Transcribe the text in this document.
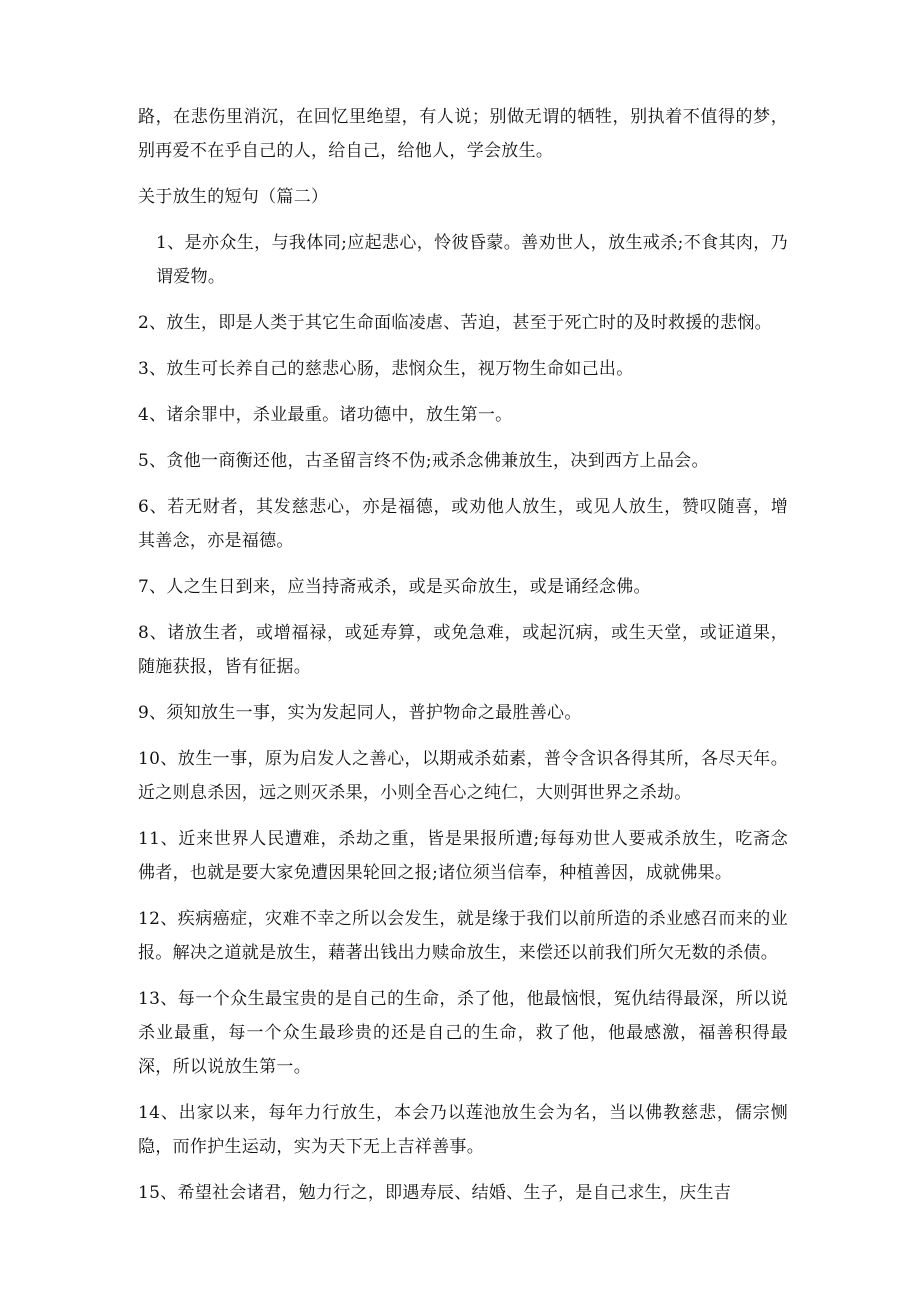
路，在悲伤里消沉，在回忆里绝望，有人说；别做无谓的牺牲，别执着不值得的梦，别再爱不在乎自己的人，给自己，给他人，学会放生。

关于放生的短句（篇二）

1、是亦众生，与我体同;应起悲心，怜彼昏蒙。善劝世人，放生戒杀;不食其肉，乃谓爱物。

2、放生，即是人类于其它生命面临凌虐、苦迫，甚至于死亡时的及时救援的悲悯。

3、放生可长养自己的慈悲心肠，悲悯众生，视万物生命如己出。

4、诸余罪中，杀业最重。诸功德中，放生第一。

5、贪他一商衡还他，古圣留言终不伪;戒杀念佛兼放生，决到西方上品会。

6、若无财者，其发慈悲心，亦是福德，或劝他人放生，或见人放生，赞叹随喜，增其善念，亦是福德。

7、人之生日到来，应当持斋戒杀，或是买命放生，或是诵经念佛。

8、诸放生者，或增福禄，或延寿算，或免急难，或起沉病，或生天堂，或证道果，随施获报，皆有征据。

9、须知放生一事，实为发起同人，普护物命之最胜善心。

10、放生一事，原为启发人之善心，以期戒杀茹素，普令含识各得其所，各尽天年。近之则息杀因，远之则灭杀果，小则全吾心之纯仁，大则弭世界之杀劫。

11、近来世界人民遭难，杀劫之重，皆是果报所遭;每每劝世人要戒杀放生，吃斋念佛者，也就是要大家免遭因果轮回之报;诸位须当信奉，种植善因，成就佛果。

12、疾病癌症，灾难不幸之所以会发生，就是缘于我们以前所造的杀业感召而来的业报。解决之道就是放生，藉著出钱出力赎命放生，来偿还以前我们所欠无数的杀债。

13、每一个众生最宝贵的是自己的生命，杀了他，他最恼恨，冤仇结得最深，所以说杀业最重，每一个众生最珍贵的还是自己的生命，救了他，他最感激，福善积得最深，所以说放生第一。

14、出家以来，每年力行放生，本会乃以莲池放生会为名，当以佛教慈悲，儒宗恻隐，而作护生运动，实为天下无上吉祥善事。

15、希望社会诸君，勉力行之，即遇寿辰、结婚、生子，是自己求生，庆生吉
